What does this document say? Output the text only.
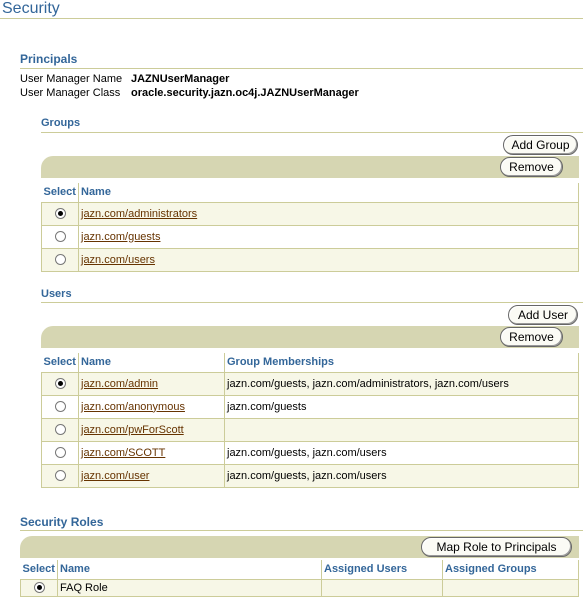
Security
Principals
User Manager Name JAZNUserManager
User Manager Class oracle.security.jazn.oc4j.JAZNUserManager
Groups
Add Group
Remove
Select	Name
	jazn.com/administrators
	jazn.com/guests
	jazn.com/users
Users
Add User
Remove
Select	Name	Group Memberships
	jazn.com/admin	jazn.com/guests, jazn.com/administrators, jazn.com/users
	jazn.com/anonymous	jazn.com/guests
	jazn.com/pwForScott	
	jazn.com/SCOTT	jazn.com/guests, jazn.com/users
	jazn.com/user	jazn.com/guests, jazn.com/users
Security Roles
Map Role to Principals
Select	Name	Assigned Users	Assigned Groups
	FAQ Role		
